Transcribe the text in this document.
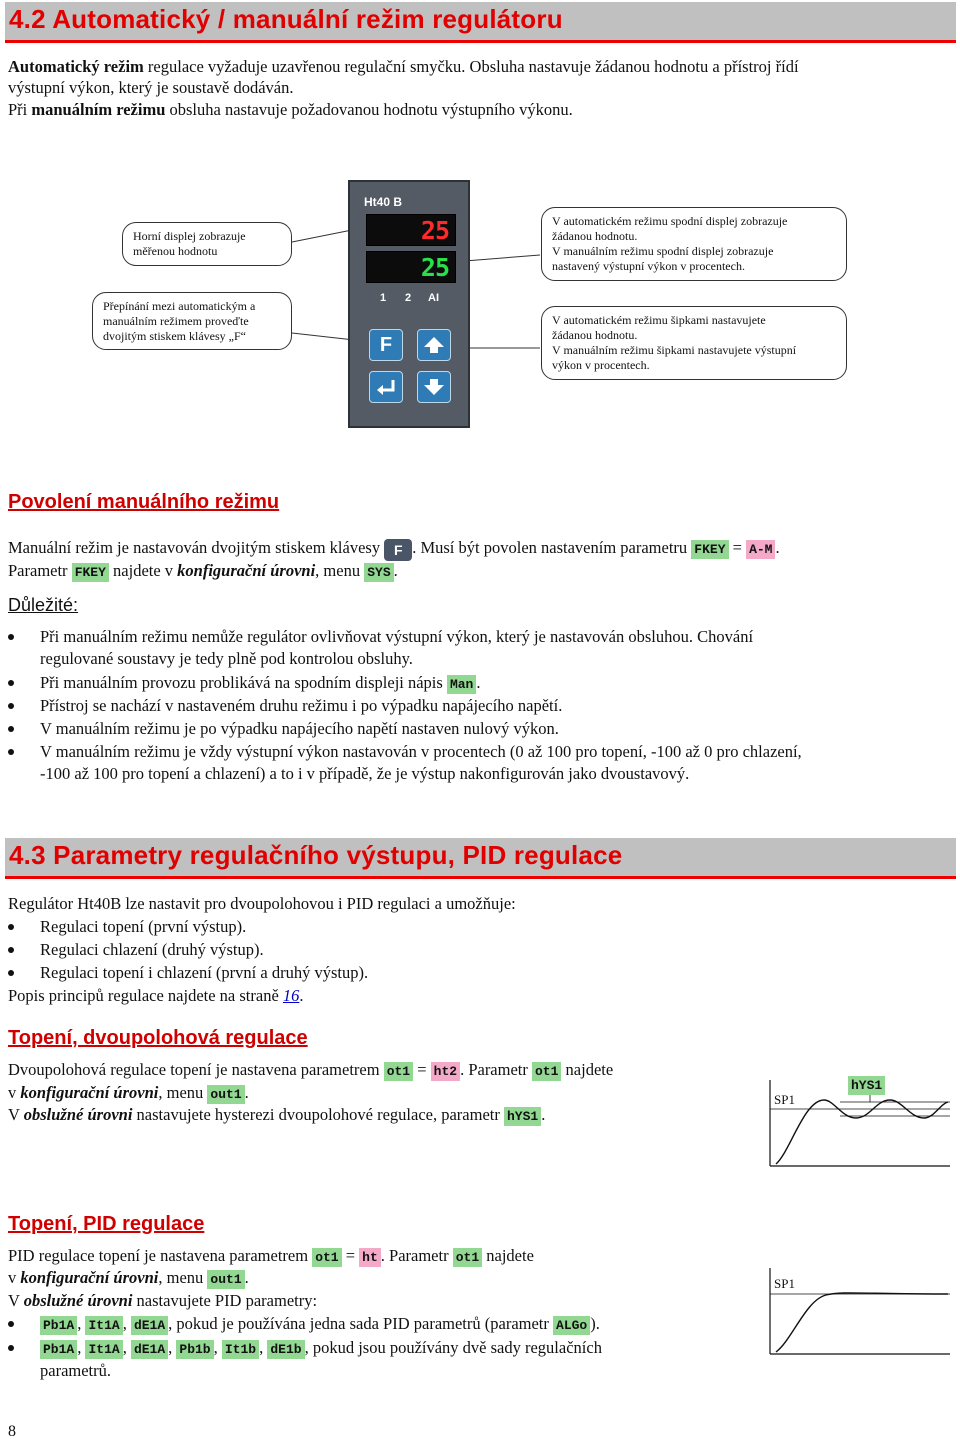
4.2 Automatický / manuální režim regulátoru
Automatický režim regulace vyžaduje uzavřenou regulační smyčku. Obsluha nastavuje žádanou hodnotu a přístroj řídí
výstupní výkon, který je soustavě dodáván.
Při manuálním režimu obsluha nastavuje požadovanou hodnotu výstupního výkonu.
Horní displej zobrazuje
měřenou hodnotu
Přepínání mezi automatickým a
manuálním režimem proveďte
dvojitým stiskem klávesy „F“
V automatickém režimu spodní displej zobrazuje
žádanou hodnotu.
V manuálním režimu spodní displej zobrazuje
nastavený výstupní výkon v procentech.
V automatickém režimu šipkami nastavujete
žádanou hodnotu.
V manuálním režimu šipkami nastavujete výstupní
výkon v procentech.
Ht40 B
25
25
1 2 AI
F
Povolení manuálního režimu
Manuální režim je nastavován dvojitým stiskem klávesy F . Musí být povolen nastavením parametru FKEY = A-M .
Parametr FKEY najdete v konfigurační úrovni, menu SYS .
Důležité:
Při manuálním režimu nemůže regulátor ovlivňovat výstupní výkon, který je nastavován obsluhou. Chování
regulované soustavy je tedy plně pod kontrolou obsluhy.
Při manuálním provozu problikává na spodním displeji nápis Man .
Přístroj se nachází v nastaveném druhu režimu i po výpadku napájecího napětí.
V manuálním režimu je po výpadku napájecího napětí nastaven nulový výkon.
V manuálním režimu je vždy výstupní výkon nastavován v procentech (0 až 100 pro topení, -100 až 0 pro chlazení,
-100 až 100 pro topení a chlazení) a to i v případě, že je výstup nakonfigurován jako dvoustavový.
4.3 Parametry regulačního výstupu, PID regulace
Regulátor Ht40B lze nastavit pro dvoupolohovou i PID regulaci a umožňuje:
Regulaci topení (první výstup).
Regulaci chlazení (druhý výstup).
Regulaci topení i chlazení (první a druhý výstup).
Popis principů regulace najdete na straně 16.
Topení, dvoupolohová regulace
Dvoupolohová regulace topení je nastavena parametrem ot1 = ht2 . Parametr ot1 najdete
v konfigurační úrovni, menu out1 .
V obslužné úrovni nastavujete hysterezi dvoupolohové regulace, parametr hYS1 .
SP1
hYS1
Topení, PID regulace
PID regulace topení je nastavena parametrem ot1 = ht . Parametr ot1 najdete
v konfigurační úrovni, menu out1 .
V obslužné úrovni nastavujete PID parametry:
Pb1A , It1A , dE1A , pokud je používána jedna sada PID parametrů (parametr ALGo ).
Pb1A , It1A , dE1A , Pb1b , It1b , dE1b , pokud jsou používány dvě sady regulačních
parametrů.
SP1
8
